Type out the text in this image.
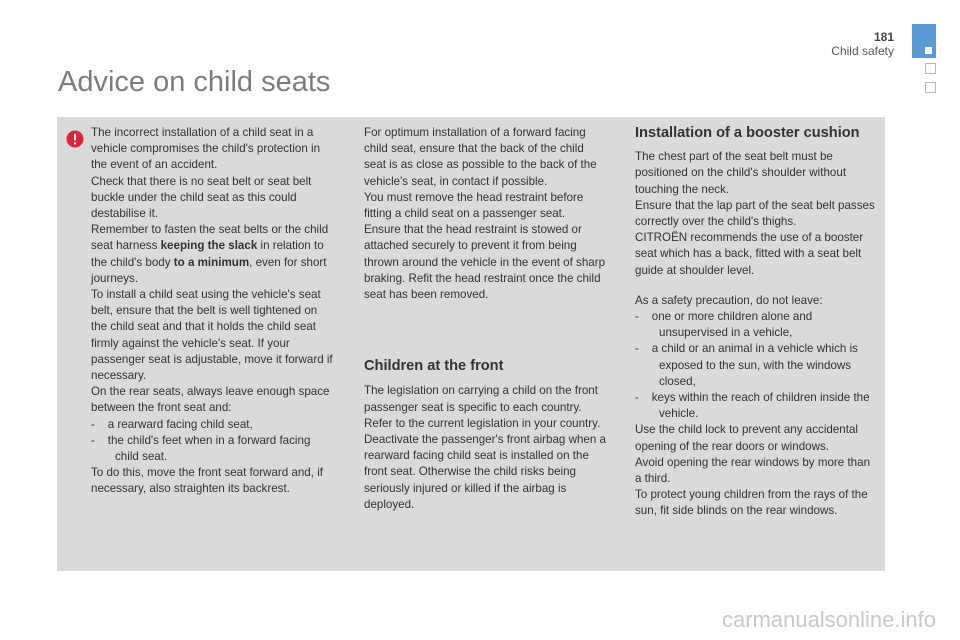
181
Child safety
Advice on child seats

The incorrect installation of a child seat in a vehicle compromises the child's protection in the event of an accident.

Check that there is no seat belt or seat belt buckle under the child seat as this could destabilise it.

Remember to fasten the seat belts or the child seat harness keeping the slack in relation to the child's body to a minimum, even for short journeys.

To install a child seat using the vehicle's seat belt, ensure that the belt is well tightened on the child seat and that it holds the child seat firmly against the vehicle's seat. If your passenger seat is adjustable, move it forward if necessary.

On the rear seats, always leave enough space between the front seat and:

-    a rearward facing child seat,

-    the child's feet when in a forward facing child seat.

To do this, move the front seat forward and, if necessary, also straighten its backrest.

For optimum installation of a forward facing child seat, ensure that the back of the child seat is as close as possible to the back of the vehicle's seat, in contact if possible.

You must remove the head restraint before fitting a child seat on a passenger seat.

Ensure that the head restraint is stowed or attached securely to prevent it from being thrown around the vehicle in the event of sharp braking. Refit the head restraint once the child seat has been removed.

Children at the front

The legislation on carrying a child on the front passenger seat is specific to each country.

Refer to the current legislation in your country.

Deactivate the passenger's front airbag when a rearward facing child seat is installed on the front seat. Otherwise the child risks being seriously injured or killed if the airbag is deployed.

Installation of a booster cushion

The chest part of the seat belt must be positioned on the child's shoulder without touching the neck.

Ensure that the lap part of the seat belt passes correctly over the child's thighs.

CITROËN recommends the use of a booster seat which has a back, fitted with a seat belt guide at shoulder level.

As a safety precaution, do not leave:

-    one or more children alone and unsupervised in a vehicle,

-    a child or an animal in a vehicle which is exposed to the sun, with the windows closed,

-    keys within the reach of children inside the vehicle.

Use the child lock to prevent any accidental opening of the rear doors or windows.

Avoid opening the rear windows by more than a third.

To protect young children from the rays of the sun, fit side blinds on the rear windows.

carmanualsonline.info
